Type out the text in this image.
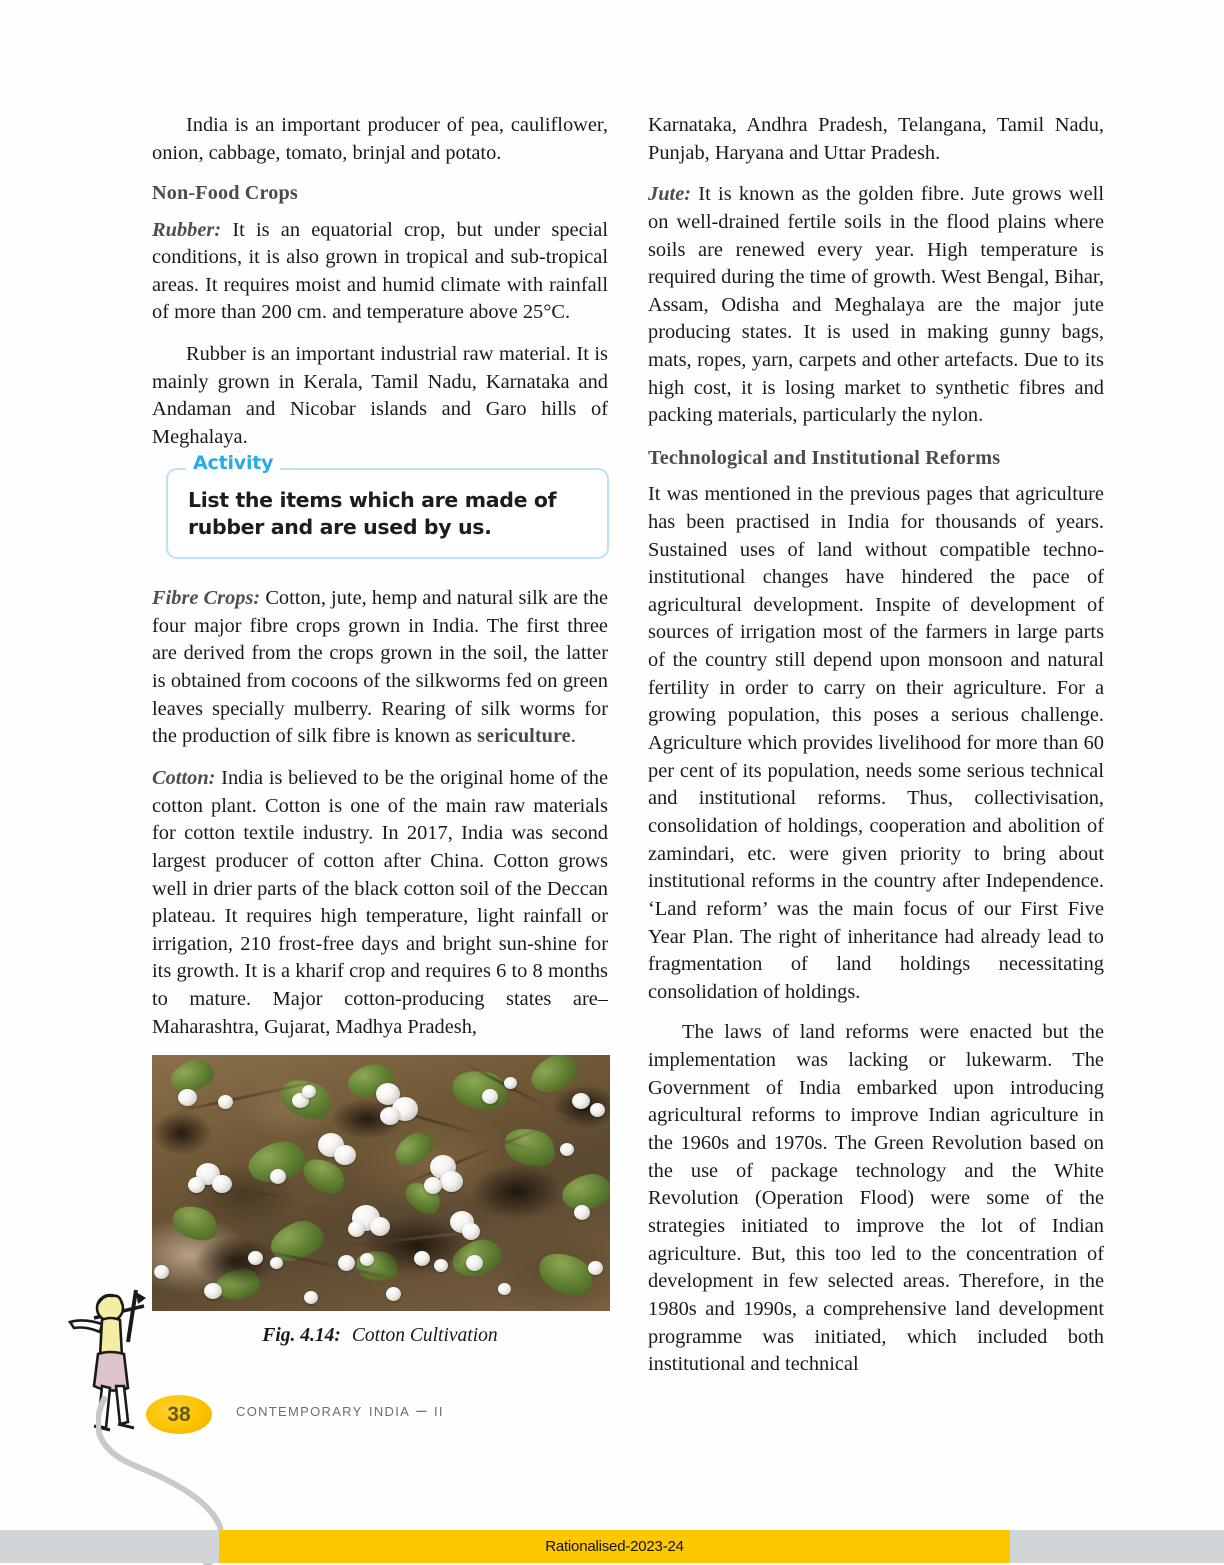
India is an important producer of pea, cauliflower, onion, cabbage, tomato, brinjal and potato.

Non-Food Crops

Rubber: It is an equatorial crop, but under special conditions, it is also grown in tropical and sub-tropical areas. It requires moist and humid climate with rainfall of more than 200 cm. and temperature above 25°C.

Rubber is an important industrial raw material. It is mainly grown in Kerala, Tamil Nadu, Karnataka and Andaman and Nicobar islands and Garo hills of Meghalaya.

Activity
List the items which are made of rubber and are used by us.

Fibre Crops: Cotton, jute, hemp and natural silk are the four major fibre crops grown in India. The first three are derived from the crops grown in the soil, the latter is obtained from cocoons of the silkworms fed on green leaves specially mulberry. Rearing of silk worms for the production of silk fibre is known as sericulture.

Cotton: India is believed to be the original home of the cotton plant. Cotton is one of the main raw materials for cotton textile industry. In 2017, India was second largest producer of cotton after China. Cotton grows well in drier parts of the black cotton soil of the Deccan plateau. It requires high temperature, light rainfall or irrigation, 210 frost-free days and bright sun-shine for its growth. It is a kharif crop and requires 6 to 8 months to mature. Major cotton-producing states are– Maharashtra, Gujarat, Madhya Pradesh,

Fig. 4.14: Cotton Cultivation

Karnataka, Andhra Pradesh, Telangana, Tamil Nadu, Punjab, Haryana and Uttar Pradesh.

Jute: It is known as the golden fibre. Jute grows well on well-drained fertile soils in the flood plains where soils are renewed every year. High temperature is required during the time of growth. West Bengal, Bihar, Assam, Odisha and Meghalaya are the major jute producing states. It is used in making gunny bags, mats, ropes, yarn, carpets and other artefacts. Due to its high cost, it is losing market to synthetic fibres and packing materials, particularly the nylon.

Technological and Institutional Reforms

It was mentioned in the previous pages that agriculture has been practised in India for thousands of years. Sustained uses of land without compatible techno-institutional changes have hindered the pace of agricultural development. Inspite of development of sources of irrigation most of the farmers in large parts of the country still depend upon monsoon and natural fertility in order to carry on their agriculture. For a growing population, this poses a serious challenge. Agriculture which provides livelihood for more than 60 per cent of its population, needs some serious technical and institutional reforms. Thus, collectivisation, consolidation of holdings, cooperation and abolition of zamindari, etc. were given priority to bring about institutional reforms in the country after Independence. ‘Land reform’ was the main focus of our First Five Year Plan. The right of inheritance had already lead to fragmentation of land holdings necessitating consolidation of holdings.

The laws of land reforms were enacted but the implementation was lacking or lukewarm. The Government of India embarked upon introducing agricultural reforms to improve Indian agriculture in the 1960s and 1970s. The Green Revolution based on the use of package technology and the White Revolution (Operation Flood) were some of the strategies initiated to improve the lot of Indian agriculture. But, this too led to the concentration of development in few selected areas. Therefore, in the 1980s and 1990s, a comprehensive land development programme was initiated, which included both institutional and technical

38	contemporary india – ii
Rationalised-2023-24
